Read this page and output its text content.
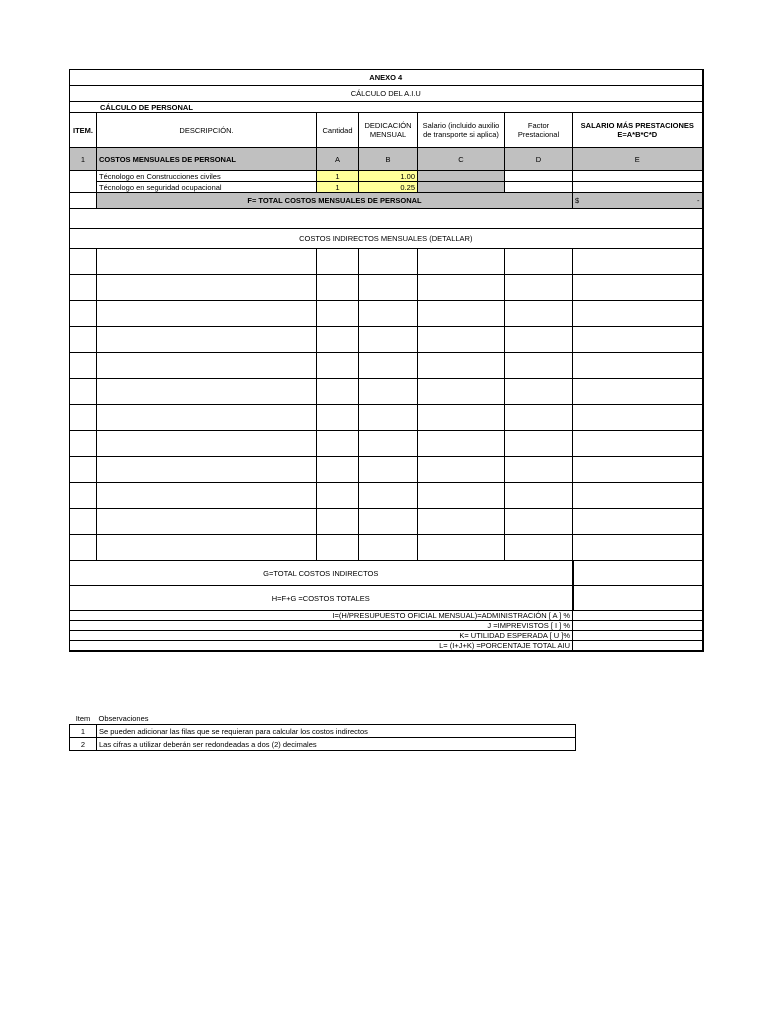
ANEXO 4						
CÁLCULO DEL A.I.U						
CÁLCULO DE PERSONAL						
ITEM.	DESCRIPCIÓN.	Cantidad	DEDICACIÓN MENSUAL	Salario (incluido auxilio de transporte si aplica)	Factor Prestacional	SALARIO MÁS PRESTACIONES E=A*B*C*D
1	COSTOS MENSUALES DE PERSONAL	A	B	C	D	E
	Técnologo en Construcciones civiles	1	1.00			
	Técnologo en seguridad ocupacional	1	0.25			
	F= TOTAL COSTOS MENSUALES DE PERSONAL					$ -

COSTOS INDIRECTOS MENSUALES (DETALLAR)						

G=TOTAL COSTOS INDIRECTOS						
H=F+G =COSTOS TOTALES						
I=(H/PRESUPUESTO OFICIAL MENSUAL)=ADMINISTRACIÓN [ A ] %						
J =IMPREVISTOS [ I ] %						
K= UTILIDAD ESPERADA [ U ]%						
L= (I+J+K) =PORCENTAJE TOTAL AIU						
Item	Observaciones
1	Se pueden adicionar las filas que se requieran para calcular los costos indirectos
2	Las cifras a utilizar deberán ser redondeadas a dos (2) decimales
